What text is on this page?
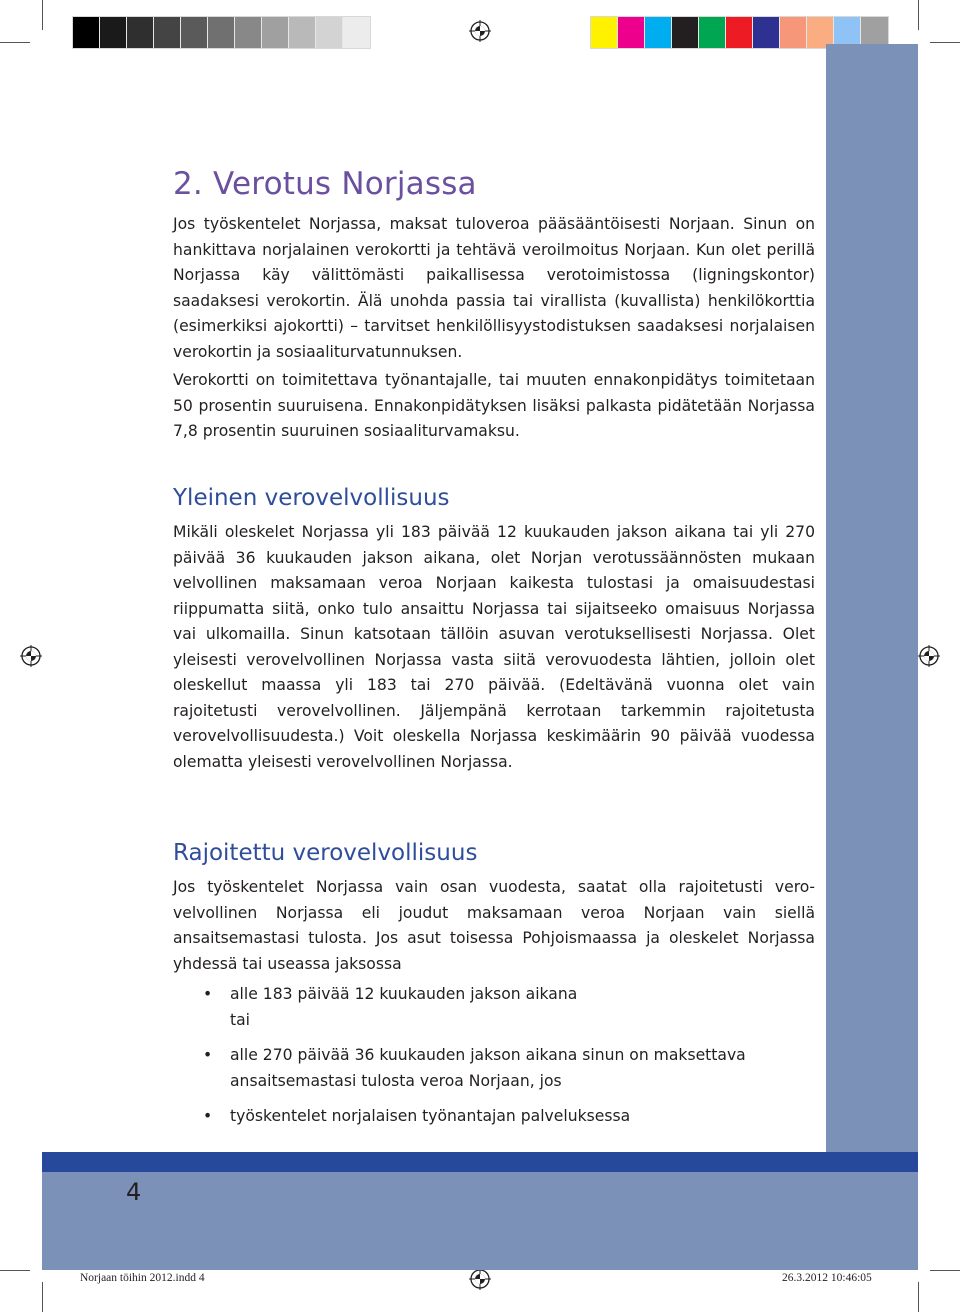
2. Verotus Norjassa

Jos työskentelet Norjassa, maksat tuloveroa pääsääntöisesti Norjaan. Sinun on hankittava norjalainen verokortti ja tehtävä veroilmoitus Norjaan. Kun olet perillä Norjassa käy välittömästi paikallisessa verotoimistossa (ligningskontor) saadaksesi verokortin. Älä unohda passia tai virallista (kuvallista) henkilökorttia (esimerkiksi ajokortti) – tarvitset henkilöllisyystodistuksen saadaksesi norjalaisen verokortin ja sosiaaliturvatunnuksen.

Verokortti on toimitettava työnantajalle, tai muuten ennakonpidätys toimitetaan 50 prosentin suuruisena. Ennakonpidätyksen lisäksi palkasta pidätetään Norjassa 7,8 prosentin suuruinen sosiaaliturvamaksu.

Yleinen verovelvollisuus

Mikäli oleskelet Norjassa yli 183 päivää 12 kuukauden jakson aikana tai yli 270 päivää 36 kuukauden jakson aikana, olet Norjan verotussäännösten mukaan velvollinen maksamaan veroa Norjaan kaikesta tulostasi ja omaisuudestasi riippumatta siitä, onko tulo ansaittu Norjassa tai sijaitseeko omaisuus Norjassa vai ulkomailla. Sinun katsotaan tällöin asuvan verotuksellisesti Norjassa. Olet yleisesti verovelvollinen Norjassa vasta siitä verovuodesta lähtien, jolloin olet oleskellut maassa yli 183 tai 270 päivää. (Edeltävänä vuonna olet vain rajoitetusti verovelvollinen. Jäljempänä kerrotaan tarkemmin rajoitetusta verovelvollisuudesta.) Voit oleskella Norjassa keskimäärin 90 päivää vuodessa olematta yleisesti verovelvollinen Norjassa.

Rajoitettu verovelvollisuus

Jos työskentelet Norjassa vain osan vuodesta, saatat olla rajoitetusti verovelvollinen Norjassa eli joudut maksamaan veroa Norjaan vain siellä ansaitsemastasi tulosta. Jos asut toisessa Pohjoismaassa ja oleskelet Norjassa yhdessä tai useassa jaksossa

• alle 183 päivää 12 kuukauden jakson aikana
tai
• alle 270 päivää 36 kuukauden jakson aikana sinun on maksettava
ansaitsemastasi tulosta veroa Norjaan, jos
• työskentelet norjalaisen työnantajan palveluksessa
4
Norjaan töihin 2012.indd 4	26.3.2012 10:46:05
